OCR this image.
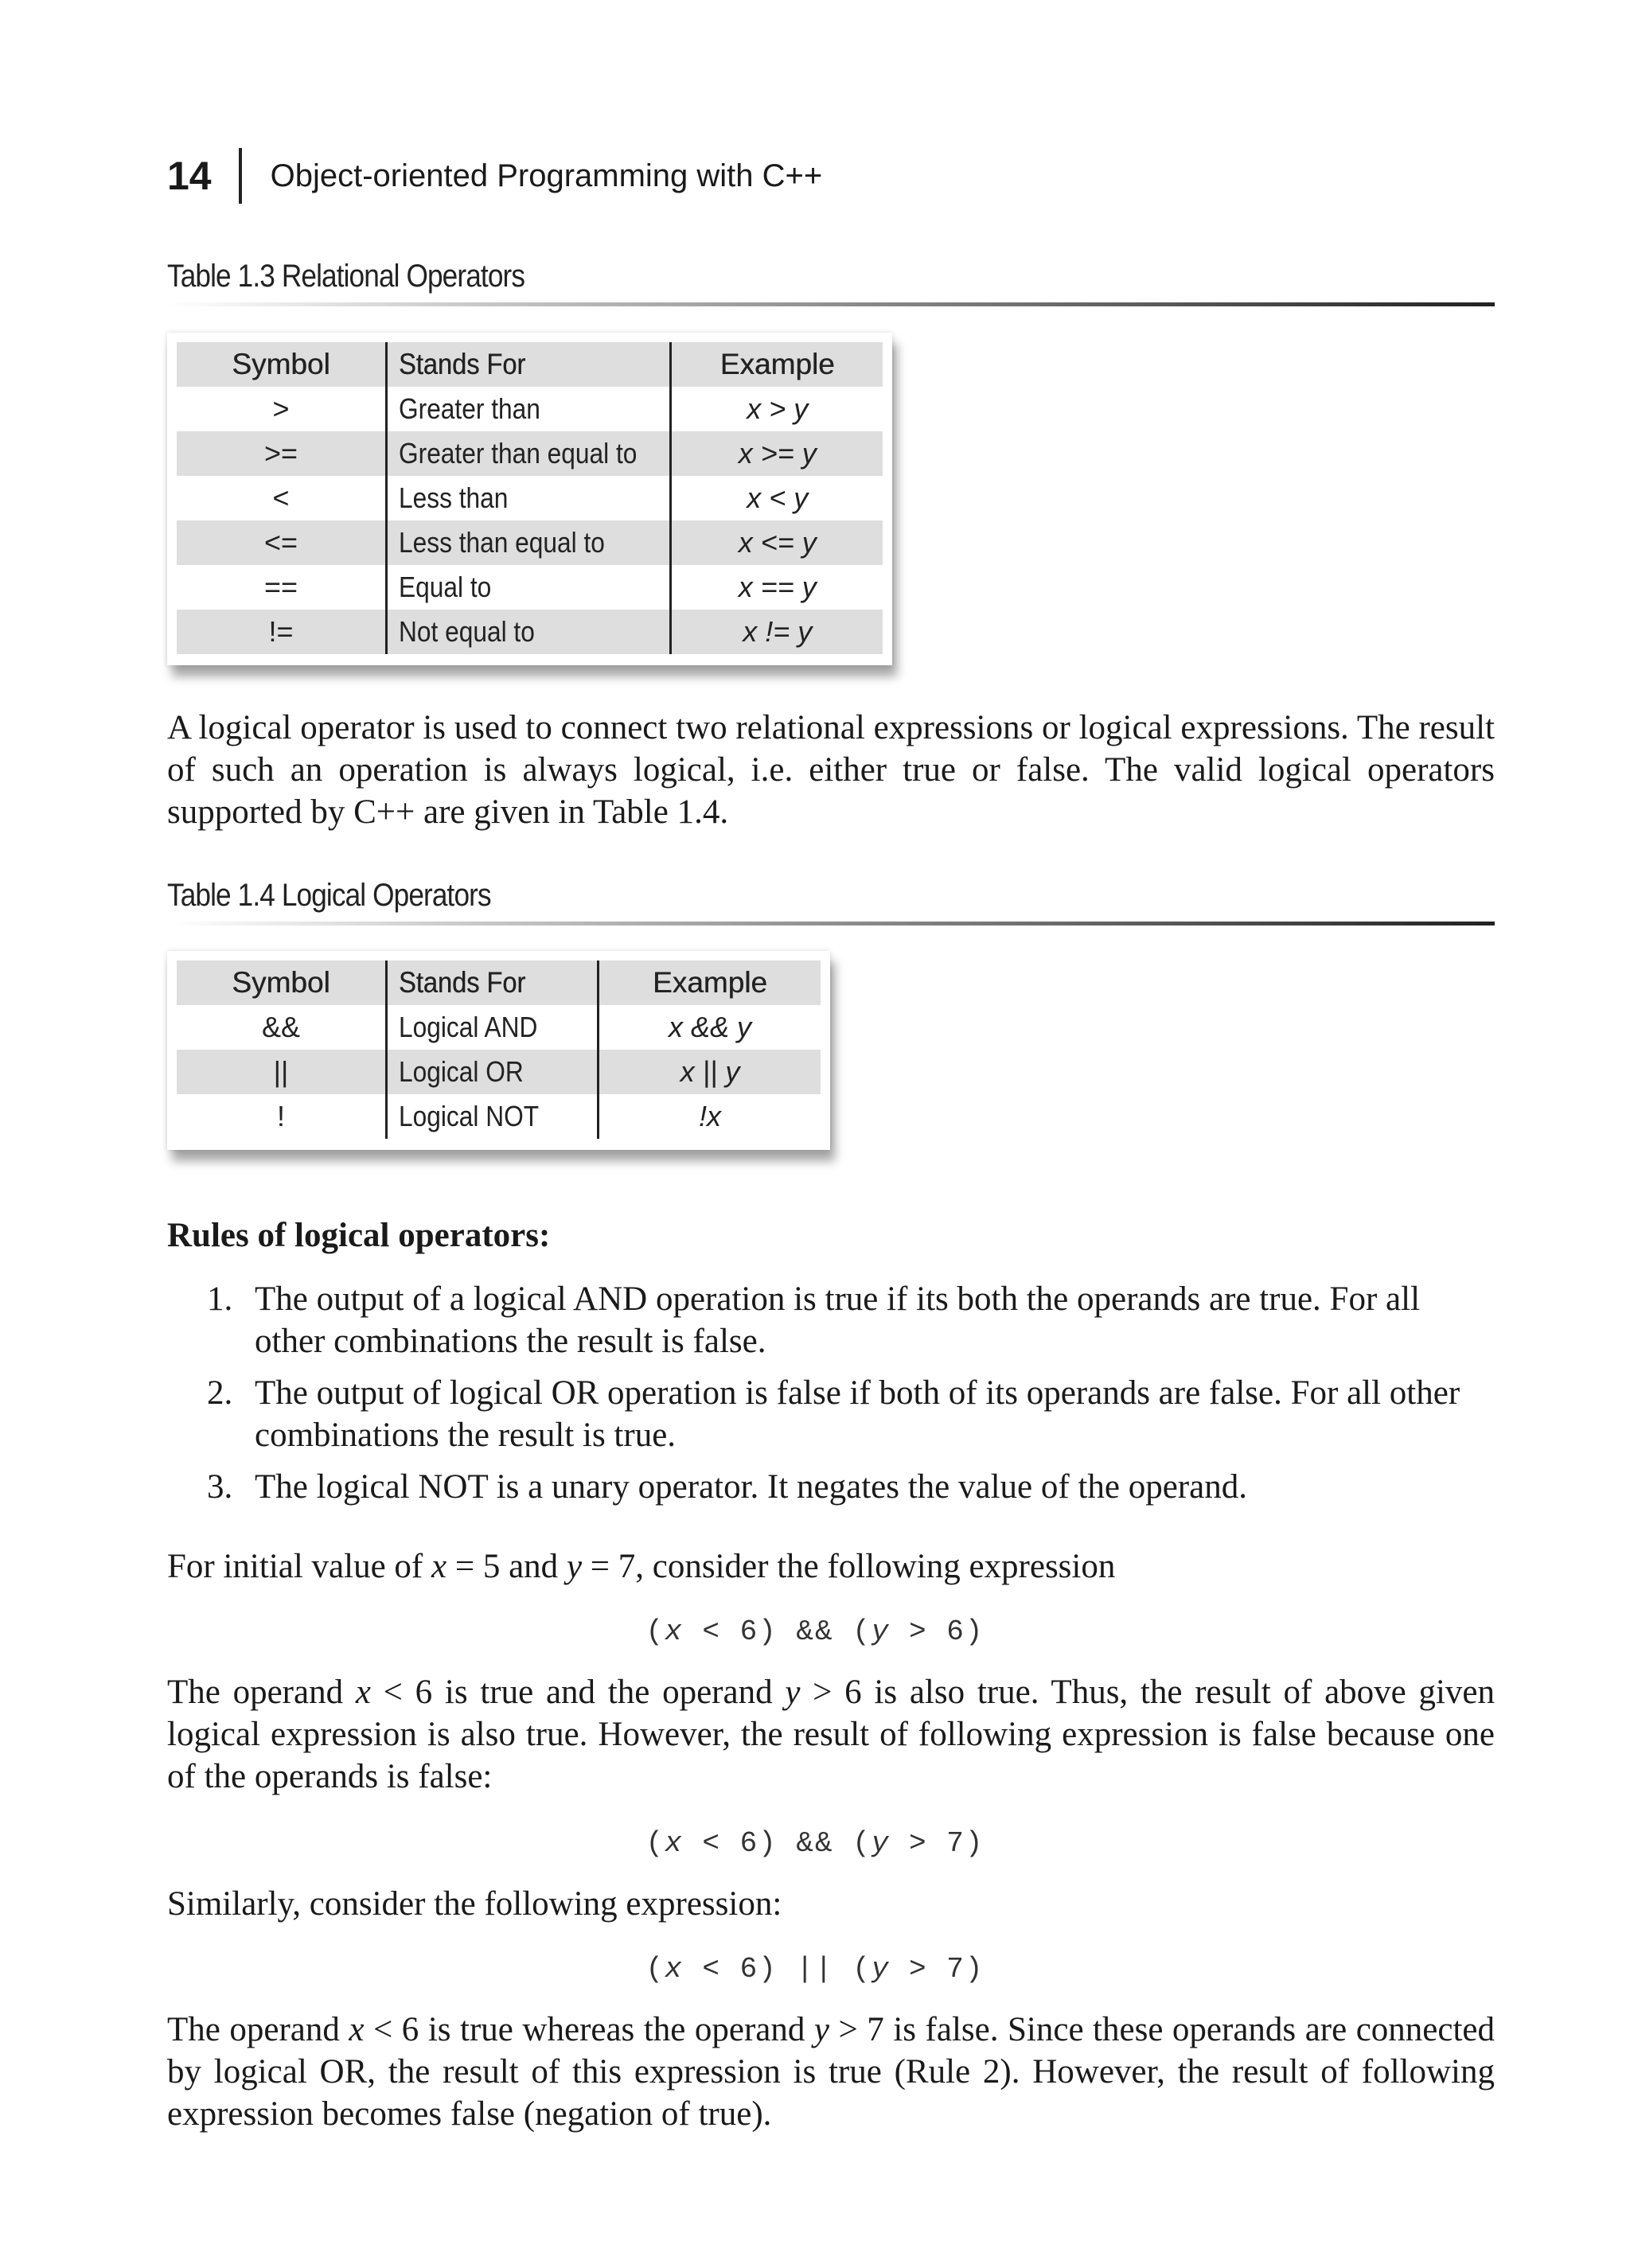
14 Object-oriented Programming with C++
Table 1.3 Relational Operators
Symbol	Stands For	Example
>	Greater than	x > y
>=	Greater than equal to	x >= y
<	Less than	x < y
<=	Less than equal to	x <= y
==	Equal to	x == y
!=	Not equal to	x != y
A logical operator is used to connect two relational expressions or logical expressions. The result of such an operation is always logical, i.e. either true or false. The valid logical operators supported by C++ are given in Table 1.4.
Table 1.4 Logical Operators
Symbol	Stands For	Example
&&	Logical AND	x && y
||	Logical OR	x || y
!	Logical NOT	!x
Rules of logical operators:
1. The output of a logical AND operation is true if its both the operands are true. For all other combinations the result is false.
2. The output of logical OR operation is false if both of its operands are false. For all other combinations the result is true.
3. The logical NOT is a unary operator. It negates the value of the operand.
For initial value of x = 5 and y = 7, consider the following expression
(x < 6) && (y > 6)
The operand x < 6 is true and the operand y > 6 is also true. Thus, the result of above given logical expression is also true. However, the result of following expression is false because one of the operands is false:
(x < 6) && (y > 7)
Similarly, consider the following expression:
(x < 6) || (y > 7)
The operand x < 6 is true whereas the operand y > 7 is false. Since these operands are connected by logical OR, the result of this expression is true (Rule 2). However, the result of following expression becomes false (negation of true).
